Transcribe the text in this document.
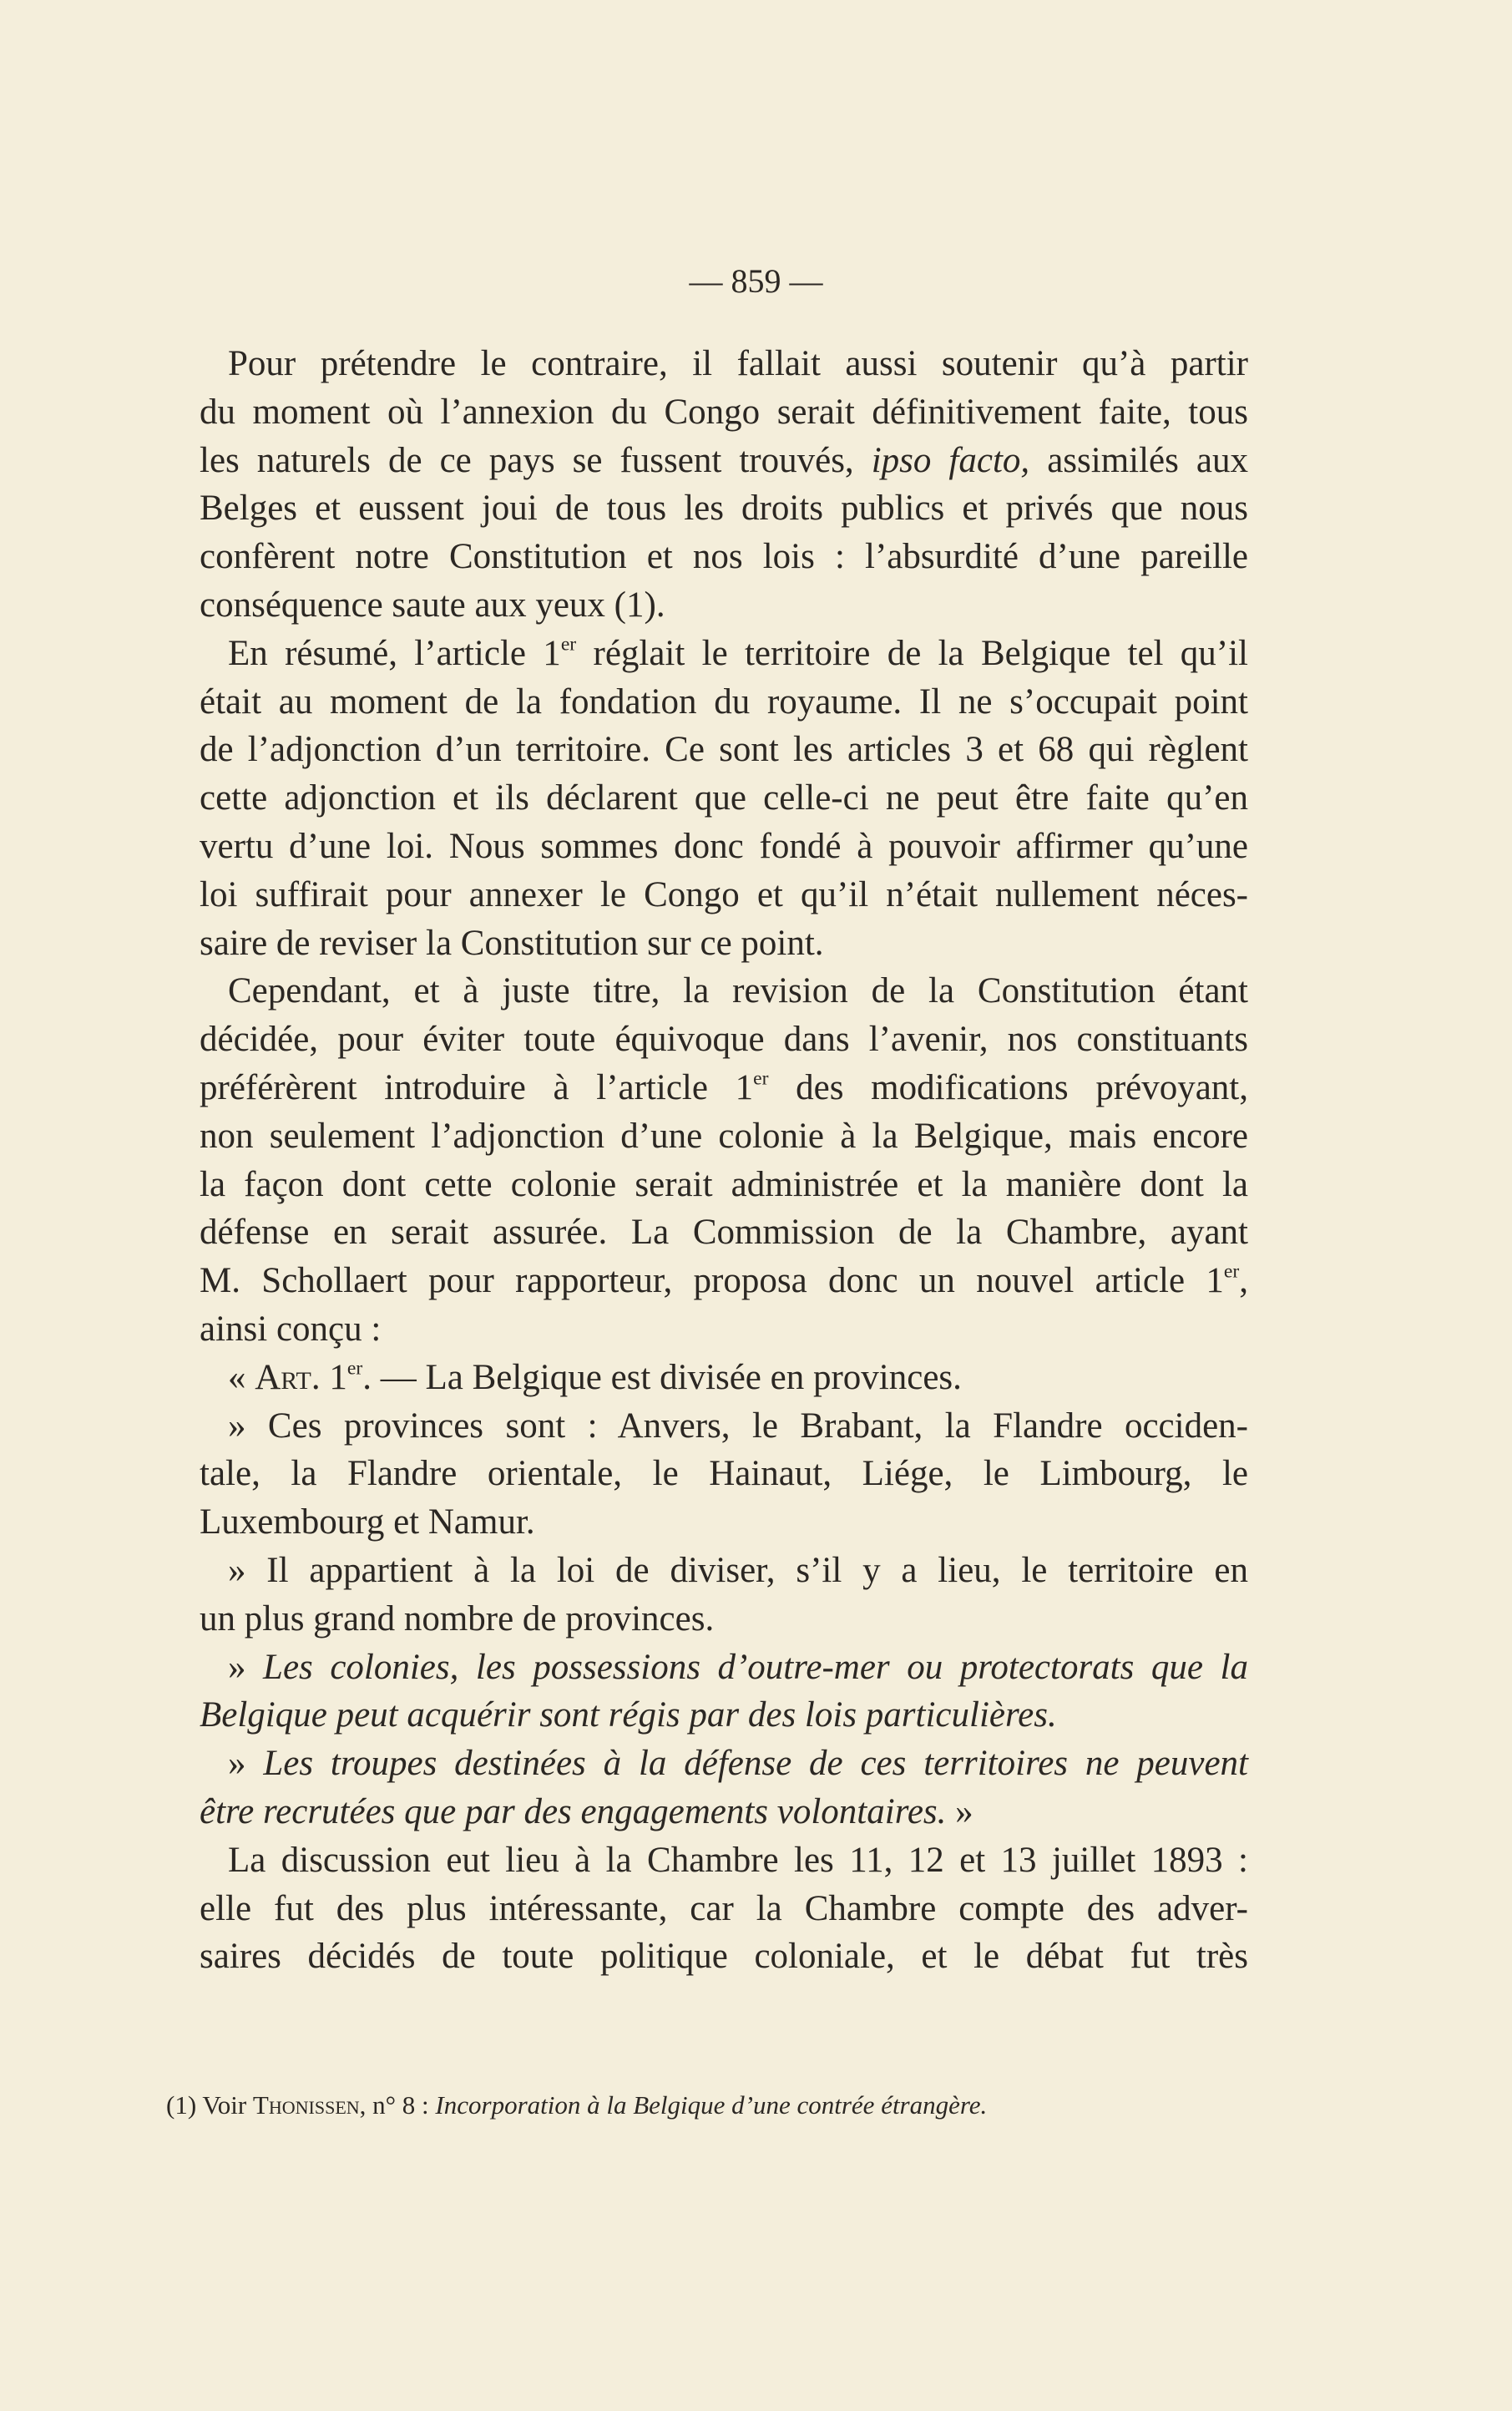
— 859 —
Pour prétendre le contraire, il fallait aussi soutenir qu’à partir
du moment où l’annexion du Congo serait définitivement faite, tous
les naturels de ce pays se fussent trouvés, ipso facto, assimilés aux
Belges et eussent joui de tous les droits publics et privés que nous
confèrent notre Constitution et nos lois : l’absurdité d’une pareille
conséquence saute aux yeux (1).
En résumé, l’article 1er réglait le territoire de la Belgique tel qu’il
était au moment de la fondation du royaume. Il ne s’occupait point
de l’adjonction d’un territoire. Ce sont les articles 3 et 68 qui règlent
cette adjonction et ils déclarent que celle-ci ne peut être faite qu’en
vertu d’une loi. Nous sommes donc fondé à pouvoir affirmer qu’une
loi suffirait pour annexer le Congo et qu’il n’était nullement néces-
saire de reviser la Constitution sur ce point.
Cependant, et à juste titre, la revision de la Constitution étant
décidée, pour éviter toute équivoque dans l’avenir, nos constituants
préférèrent introduire à l’article 1er des modifications prévoyant,
non seulement l’adjonction d’une colonie à la Belgique, mais encore
la façon dont cette colonie serait administrée et la manière dont la
défense en serait assurée. La Commission de la Chambre, ayant
M. Schollaert pour rapporteur, proposa donc un nouvel article 1er,
ainsi conçu :
« Art. 1er. — La Belgique est divisée en provinces.
» Ces provinces sont : Anvers, le Brabant, la Flandre occiden-
tale, la Flandre orientale, le Hainaut, Liége, le Limbourg, le
Luxembourg et Namur.
» Il appartient à la loi de diviser, s’il y a lieu, le territoire en
un plus grand nombre de provinces.
» Les colonies, les possessions d’outre-mer ou protectorats que la
Belgique peut acquérir sont régis par des lois particulières.
» Les troupes destinées à la défense de ces territoires ne peuvent
être recrutées que par des engagements volontaires. »
La discussion eut lieu à la Chambre les 11, 12 et 13 juillet 1893 :
elle fut des plus intéressante, car la Chambre compte des adver-
saires décidés de toute politique coloniale, et le débat fut très
(1) Voir Thonissen, n° 8 : Incorporation à la Belgique d’une contrée étrangère.
